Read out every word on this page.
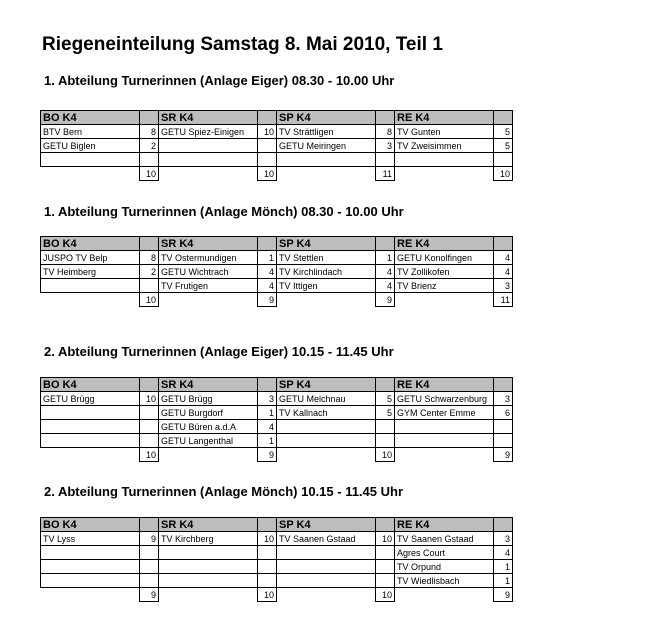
Riegeneinteilung Samstag 8. Mai 2010, Teil 1
1. Abteilung Turnerinnen (Anlage Eiger) 08.30 - 10.00 Uhr
BO K4		SR K4		SP K4		RE K4	
BTV Bern	8	GETU Spiez-Einigen	10	TV Strättligen	8	TV Gunten	5
GETU Biglen	2			GETU Meiringen	3	TV Zweisimmen	5

	10		10		11		10
1. Abteilung Turnerinnen (Anlage Mönch) 08.30 - 10.00 Uhr
BO K4		SR K4		SP K4		RE K4	
JUSPO TV Belp	8	TV Ostermundigen	1	TV Stettlen	1	GETU Konolfingen	4
TV Heimberg	2	GETU Wichtrach	4	TV Kirchlindach	4	TV Zollikofen	4
		TV Frutigen	4	TV Ittigen	4	TV Brienz	3
	10		9		9		11
2. Abteilung Turnerinnen (Anlage Eiger) 10.15 - 11.45 Uhr
BO K4		SR K4		SP K4		RE K4	
GETU Brügg	10	GETU Brügg	3	GETU Melchnau	5	GETU Schwarzenburg	3
		GETU Burgdorf	1	TV Kallnach	5	GYM Center Emme	6
		GETU Büren a.d.A	4				
		GETU Langenthal	1				
	10		9		10		9
2. Abteilung Turnerinnen (Anlage Mönch) 10.15 - 11.45 Uhr
BO K4		SR K4		SP K4		RE K4	
TV Lyss	9	TV Kirchberg	10	TV Saanen Gstaad	10	TV Saanen Gstaad	3
						Agres Court	4
						TV Orpund	1
						TV Wiedlisbach	1
	9		10		10		9
